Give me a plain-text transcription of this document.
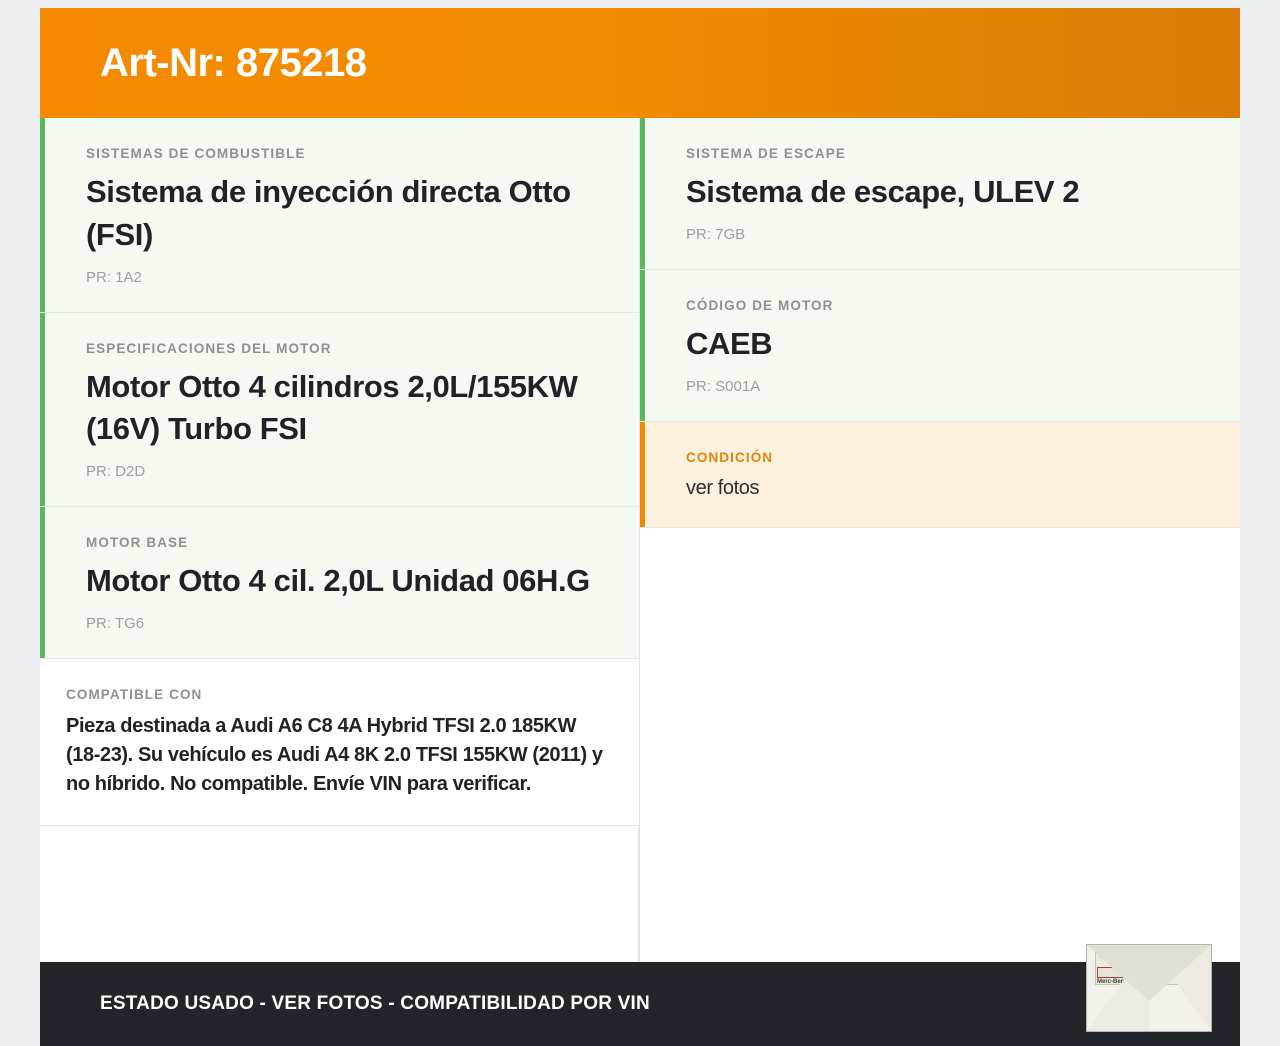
Art-Nr: 875218
SISTEMAS DE COMBUSTIBLE
Sistema de inyección directa Otto (FSI)
PR: 1A2
ESPECIFICACIONES DEL MOTOR
Motor Otto 4 cilindros 2,0L/155KW (16V) Turbo FSI
PR: D2D
MOTOR BASE
Motor Otto 4 cil. 2,0L Unidad 06H.G
PR: TG6
COMPATIBLE CON
Pieza destinada a Audi A6 C8 4A Hybrid TFSI 2.0 185KW (18-23). Su vehículo es Audi A4 8K 2.0 TFSI 155KW (2011) y no híbrido. No compatible. Envíe VIN para verificar.
SISTEMA DE ESCAPE
Sistema de escape, ULEV 2
PR: 7GB
CÓDIGO DE MOTOR
CAEB
PR: S001A
CONDICIÓN
ver fotos
ESTADO USADO - VER FOTOS - COMPATIBILIDAD POR VIN
Transporte
H 71462J31A
Merc-Benz
H AU
